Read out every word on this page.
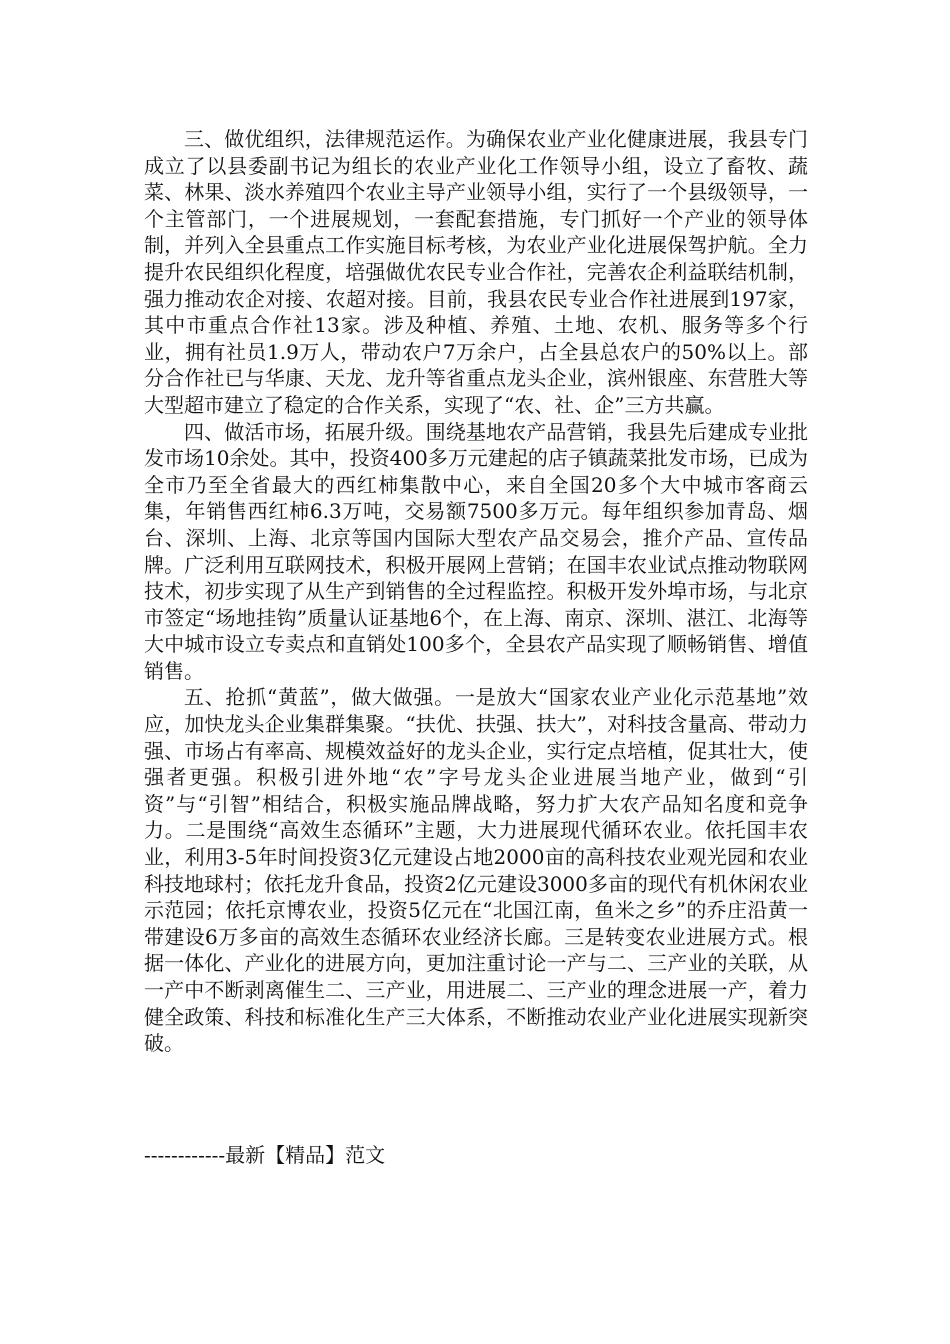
三、做优组织，法律规范运作。为确保农业产业化健康进展，我县专门成立了以县委副书记为组长的农业产业化工作领导小组，设立了畜牧、蔬菜、林果、淡水养殖四个农业主导产业领导小组，实行了一个县级领导，一个主管部门，一个进展规划，一套配套措施，专门抓好一个产业的领导体制，并列入全县重点工作实施目标考核，为农业产业化进展保驾护航。全力提升农民组织化程度，培强做优农民专业合作社，完善农企利益联结机制，强力推动农企对接、农超对接。目前，我县农民专业合作社进展到197家，其中市重点合作社13家。涉及种植、养殖、土地、农机、服务等多个行业，拥有社员1.9万人，带动农户7万余户，占全县总农户的50%以上。部分合作社已与华康、天龙、龙升等省重点龙头企业，滨州银座、东营胜大等大型超市建立了稳定的合作关系，实现了“农、社、企”三方共赢。

四、做活市场，拓展升级。围绕基地农产品营销，我县先后建成专业批发市场10余处。其中，投资400多万元建起的店子镇蔬菜批发市场，已成为全市乃至全省最大的西红柿集散中心，来自全国20多个大中城市客商云集，年销售西红柿6.3万吨，交易额7500多万元。每年组织参加青岛、烟台、深圳、上海、北京等国内国际大型农产品交易会，推介产品、宣传品牌。广泛利用互联网技术，积极开展网上营销；在国丰农业试点推动物联网技术，初步实现了从生产到销售的全过程监控。积极开发外埠市场，与北京市签定“场地挂钩”质量认证基地6个，在上海、南京、深圳、湛江、北海等大中城市设立专卖点和直销处100多个，全县农产品实现了顺畅销售、增值销售。

五、抢抓“黄蓝”，做大做强。一是放大“国家农业产业化示范基地”效应，加快龙头企业集群集聚。“扶优、扶强、扶大”，对科技含量高、带动力强、市场占有率高、规模效益好的龙头企业，实行定点培植，促其壮大，使强者更强。积极引进外地“农”字号龙头企业进展当地产业，做到“引资”与“引智”相结合，积极实施品牌战略，努力扩大农产品知名度和竞争力。二是围绕“高效生态循环”主题，大力进展现代循环农业。依托国丰农业，利用3-5年时间投资3亿元建设占地2000亩的高科技农业观光园和农业科技地球村；依托龙升食品，投资2亿元建设3000多亩的现代有机休闲农业示范园；依托京博农业，投资5亿元在“北国江南，鱼米之乡”的乔庄沿黄一带建设6万多亩的高效生态循环农业经济长廊。三是转变农业进展方式。根据一体化、产业化的进展方向，更加注重讨论一产与二、三产业的关联，从一产中不断剥离催生二、三产业，用进展二、三产业的理念进展一产，着力健全政策、科技和标准化生产三大体系，不断推动农业产业化进展实现新突破。

------------最新【精品】范文
